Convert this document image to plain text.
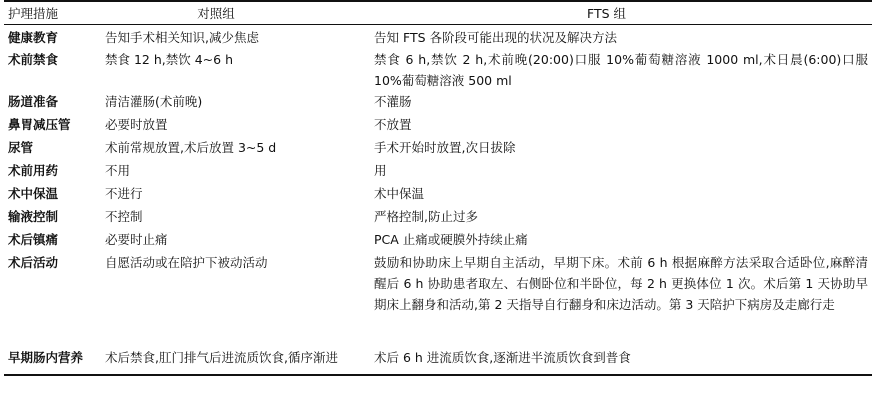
护理措施	对照组	FTS 组
健康教育	告知手术相关知识,减少焦虑	告知 FTS 各阶段可能出现的状况及解决方法
术前禁食	禁食 12 h,禁饮 4~6 h	禁食 6 h,禁饮 2 h,术前晚(20:00)口服 10%葡萄糖溶液 1000 ml,术日晨(6:00)口服 10%葡萄糖溶液 500 ml
肠道准备	清洁灌肠(术前晚)	不灌肠
鼻胃减压管	必要时放置	不放置
尿管	术前常规放置,术后放置 3~5 d	手术开始时放置,次日拔除
术前用药	不用	用
术中保温	不进行	术中保温
输液控制	不控制	严格控制,防止过多
术后镇痛	必要时止痛	PCA 止痛或硬膜外持续止痛
术后活动	自愿活动或在陪护下被动活动	鼓励和协助床上早期自主活动，早期下床。术前 6 h 根据麻醉方法采取合适卧位,麻醉清醒后 6 h 协助患者取左、右侧卧位和半卧位，每 2 h 更换体位 1 次。术后第 1 天协助早期床上翻身和活动,第 2 天指导自行翻身和床边活动。第 3 天陪护下病房及走廊行走
早期肠内营养	术后禁食,肛门排气后进流质饮食,循序渐进	术后 6 h 进流质饮食,逐渐进半流质饮食到普食
